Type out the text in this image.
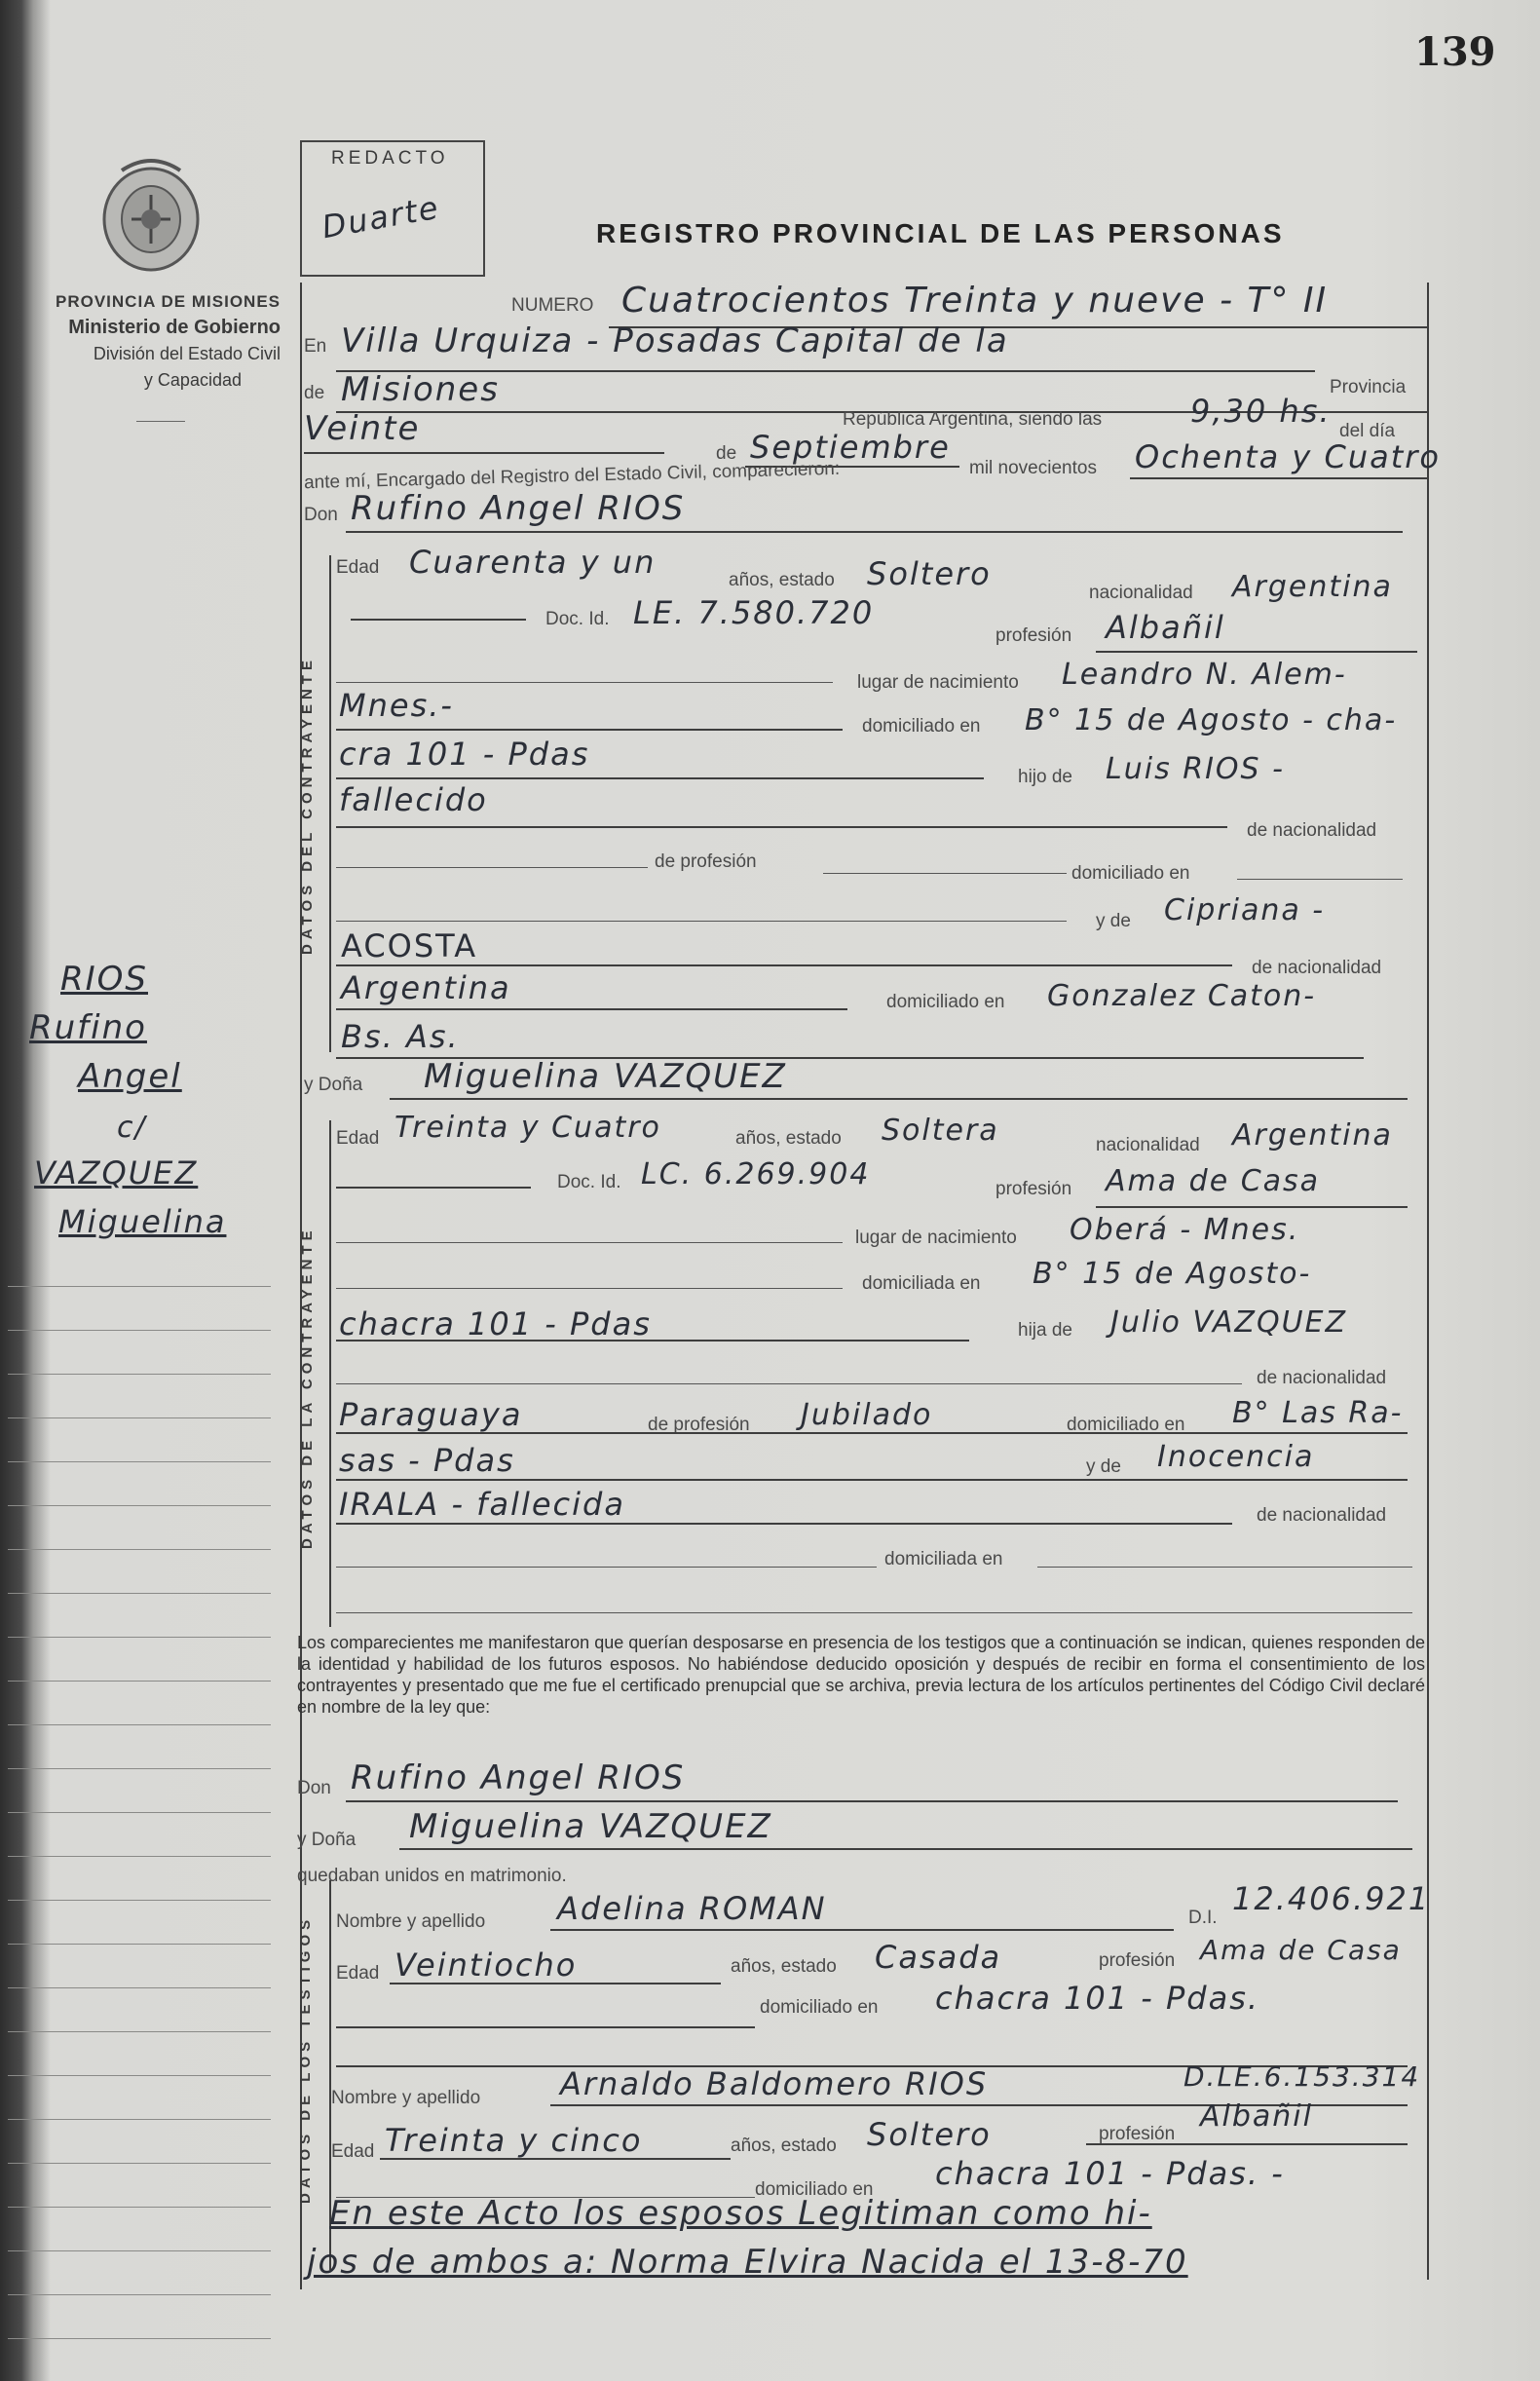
139
PROVINCIA DE MISIONES
Ministerio de Gobierno
División del Estado Civil
y Capacidad
REDACTO
Duarte	REGISTRO PROVINCIAL DE LAS PERSONAS
NUMERO Cuatrocientos Treinta y nueve - T° II
En Villa Urquiza - Posadas Capital de la
Provincia
de Misiones
República Argentina, siendo las	9,30 hs.
del día
Veinte
de Septiembre
mil novecientos Ochenta y Cuatro
ante mí, Encargado del Registro del Estado Civil, comparecieron:
Don Rufino Angel RIOS
DATOS DEL CONTRAYENTE
Edad Cuarenta y un	años, estado Soltero
nacionalidad Argentina
Doc. Id. LE. 7.580.720
profesión Albañil
lugar de nacimiento Leandro N. Alem-
Mnes.-
domiciliado en B° 15 de Agosto - cha-
cra 101 - Pdas
hijo de Luis RIOS -
fallecido
de nacionalidad
de profesión
domiciliado en
y de Cipriana -
ACOSTA
de nacionalidad
Argentina	domiciliado en Gonzalez Caton-
Bs. As.
y Doña Miguelina VAZQUEZ
DATOS DE LA CONTRAYENTE
Edad Treinta y Cuatro	años, estado Soltera	nacionalidad Argentina
Doc. Id. LC. 6.269.904	profesión Ama de Casa
lugar de nacimiento Oberá - Mnes.
domiciliada en B° 15 de Agosto-
chacra 101 - Pdas	hija de Julio VAZQUEZ
de nacionalidad
Paraguaya	de profesión Jubilado	domiciliado en B° Las Ra-
sas - Pdas	y de Inocencia
IRALA - fallecida	de nacionalidad
domiciliada en
Los comparecientes me manifestaron que querían desposarse en presencia de los testigos que a continuación se indican, quienes responden de la identidad y habilidad de los futuros esposos. No habiéndose deducido oposición y después de recibir en forma el consentimiento de los contrayentes y presentado que me fue el certificado prenupcial que se archiva, previa lectura de los artículos pertinentes del Código Civil declaré en nombre de la ley que:
Don Rufino Angel RIOS
y Doña Miguelina VAZQUEZ
quedaban unidos en matrimonio.
DATOS DE LOS TESTIGOS Nombre y apellido Adelina ROMAN	D.I.
12.406.921
Edad Veintiocho	años, estado Casada	profesión Ama de Casa
domiciliado en chacra 101 - Pdas.
Nombre y apellido	Arnaldo Baldomero RIOS	D.LE.6.153.314
Edad Treinta y cinco	años, estado Soltero	profesión
Albañil
domiciliado en chacra 101 - Pdas. -
En este Acto los esposos Legitiman como hi-
jos de ambos a: Norma Elvira Nacida el 13-8-70
RIOS
Rufino
Angel
c/
VAZQUEZ
Miguelina
